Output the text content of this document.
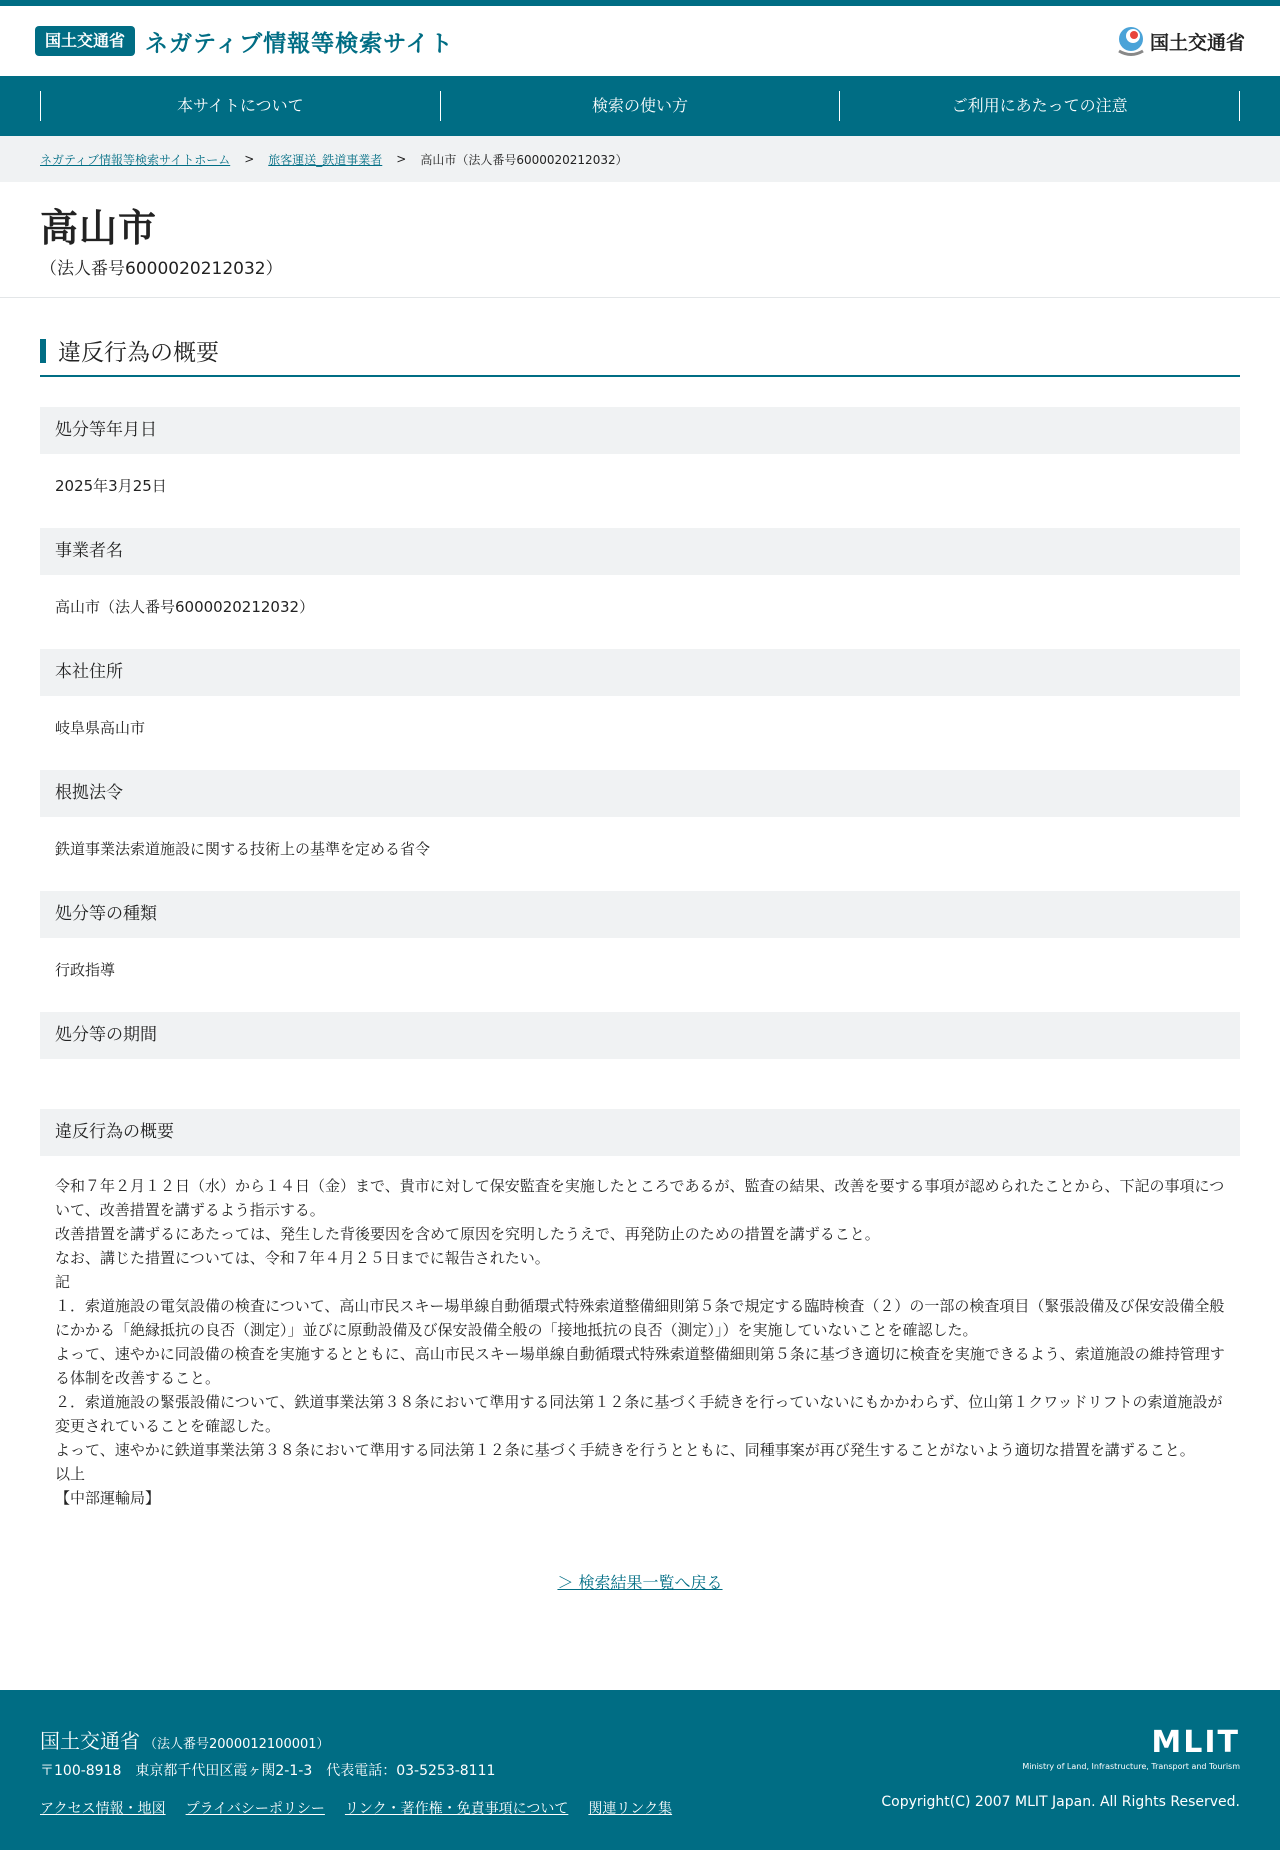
国土交通省 ネガティブ情報等検索サイト	国土交通省
本サイトについて	検索の使い方	ご利用にあたっての注意
ネガティブ情報等検索サイトホーム > 旅客運送_鉄道事業者 > 高山市（法人番号6000020212032）
高山市
（法人番号6000020212032）
違反行為の概要
処分等年月日
2025年3月25日
事業者名
高山市（法人番号6000020212032）
本社住所
岐阜県高山市
根拠法令
鉄道事業法索道施設に関する技術上の基準を定める省令
処分等の種類
行政指導
処分等の期間
違反行為の概要

令和７年２月１２日（水）から１４日（金）まで、貴市に対して保安監査を実施したところであるが、監査の結果、改善を要する事項が認められたことから、下記の事項について、改善措置を講ずるよう指示する。

改善措置を講ずるにあたっては、発生した背後要因を含めて原因を究明したうえで、再発防止のための措置を講ずること。

なお、講じた措置については、令和７年４月２５日までに報告されたい。

記

１．索道施設の電気設備の検査について、高山市民スキー場単線自動循環式特殊索道整備細則第５条で規定する臨時検査（２）の一部の検査項目（緊張設備及び保安設備全般にかかる「絶縁抵抗の良否（測定）」並びに原動設備及び保安設備全般の「接地抵抗の良否（測定）」）を実施していないことを確認した。

よって、速やかに同設備の検査を実施するとともに、高山市民スキー場単線自動循環式特殊索道整備細則第５条に基づき適切に検査を実施できるよう、索道施設の維持管理する体制を改善すること。

２．索道施設の緊張設備について、鉄道事業法第３８条において準用する同法第１２条に基づく手続きを行っていないにもかかわらず、位山第１クワッドリフトの索道施設が変更されていることを確認した。

よって、速やかに鉄道事業法第３８条において準用する同法第１２条に基づく手続きを行うとともに、同種事案が再び発生することがないよう適切な措置を講ずること。

以上

【中部運輸局】

＞ 検索結果一覧へ戻る
国土交通省 （法人番号2000012100001）
〒100-8918　東京都千代田区霞ヶ関2-1-3　代表電話：03-5253-8111
アクセス情報・地図 プライバシーポリシー リンク・著作権・免責事項について 関連リンク集
MLIT
Ministry of Land, Infrastructure, Transport and Tourism
Copyright(C) 2007 MLIT Japan. All Rights Reserved.
